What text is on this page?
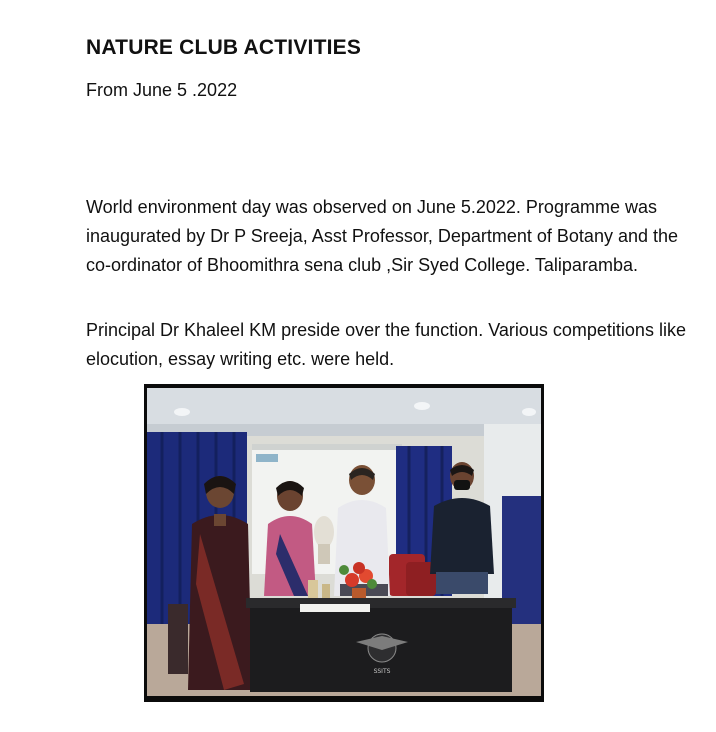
NATURE CLUB ACTIVITIES
From June 5 .2022
World environment day was observed on June 5.2022. Programme was inaugurated by Dr P Sreeja, Asst Professor, Department of Botany and the co-ordinator of Bhoomithra sena club ,Sir Syed College. Taliparamba.
Principal Dr Khaleel KM preside over the function. Various competitions like elocution, essay writing etc. were held.
SSITS
